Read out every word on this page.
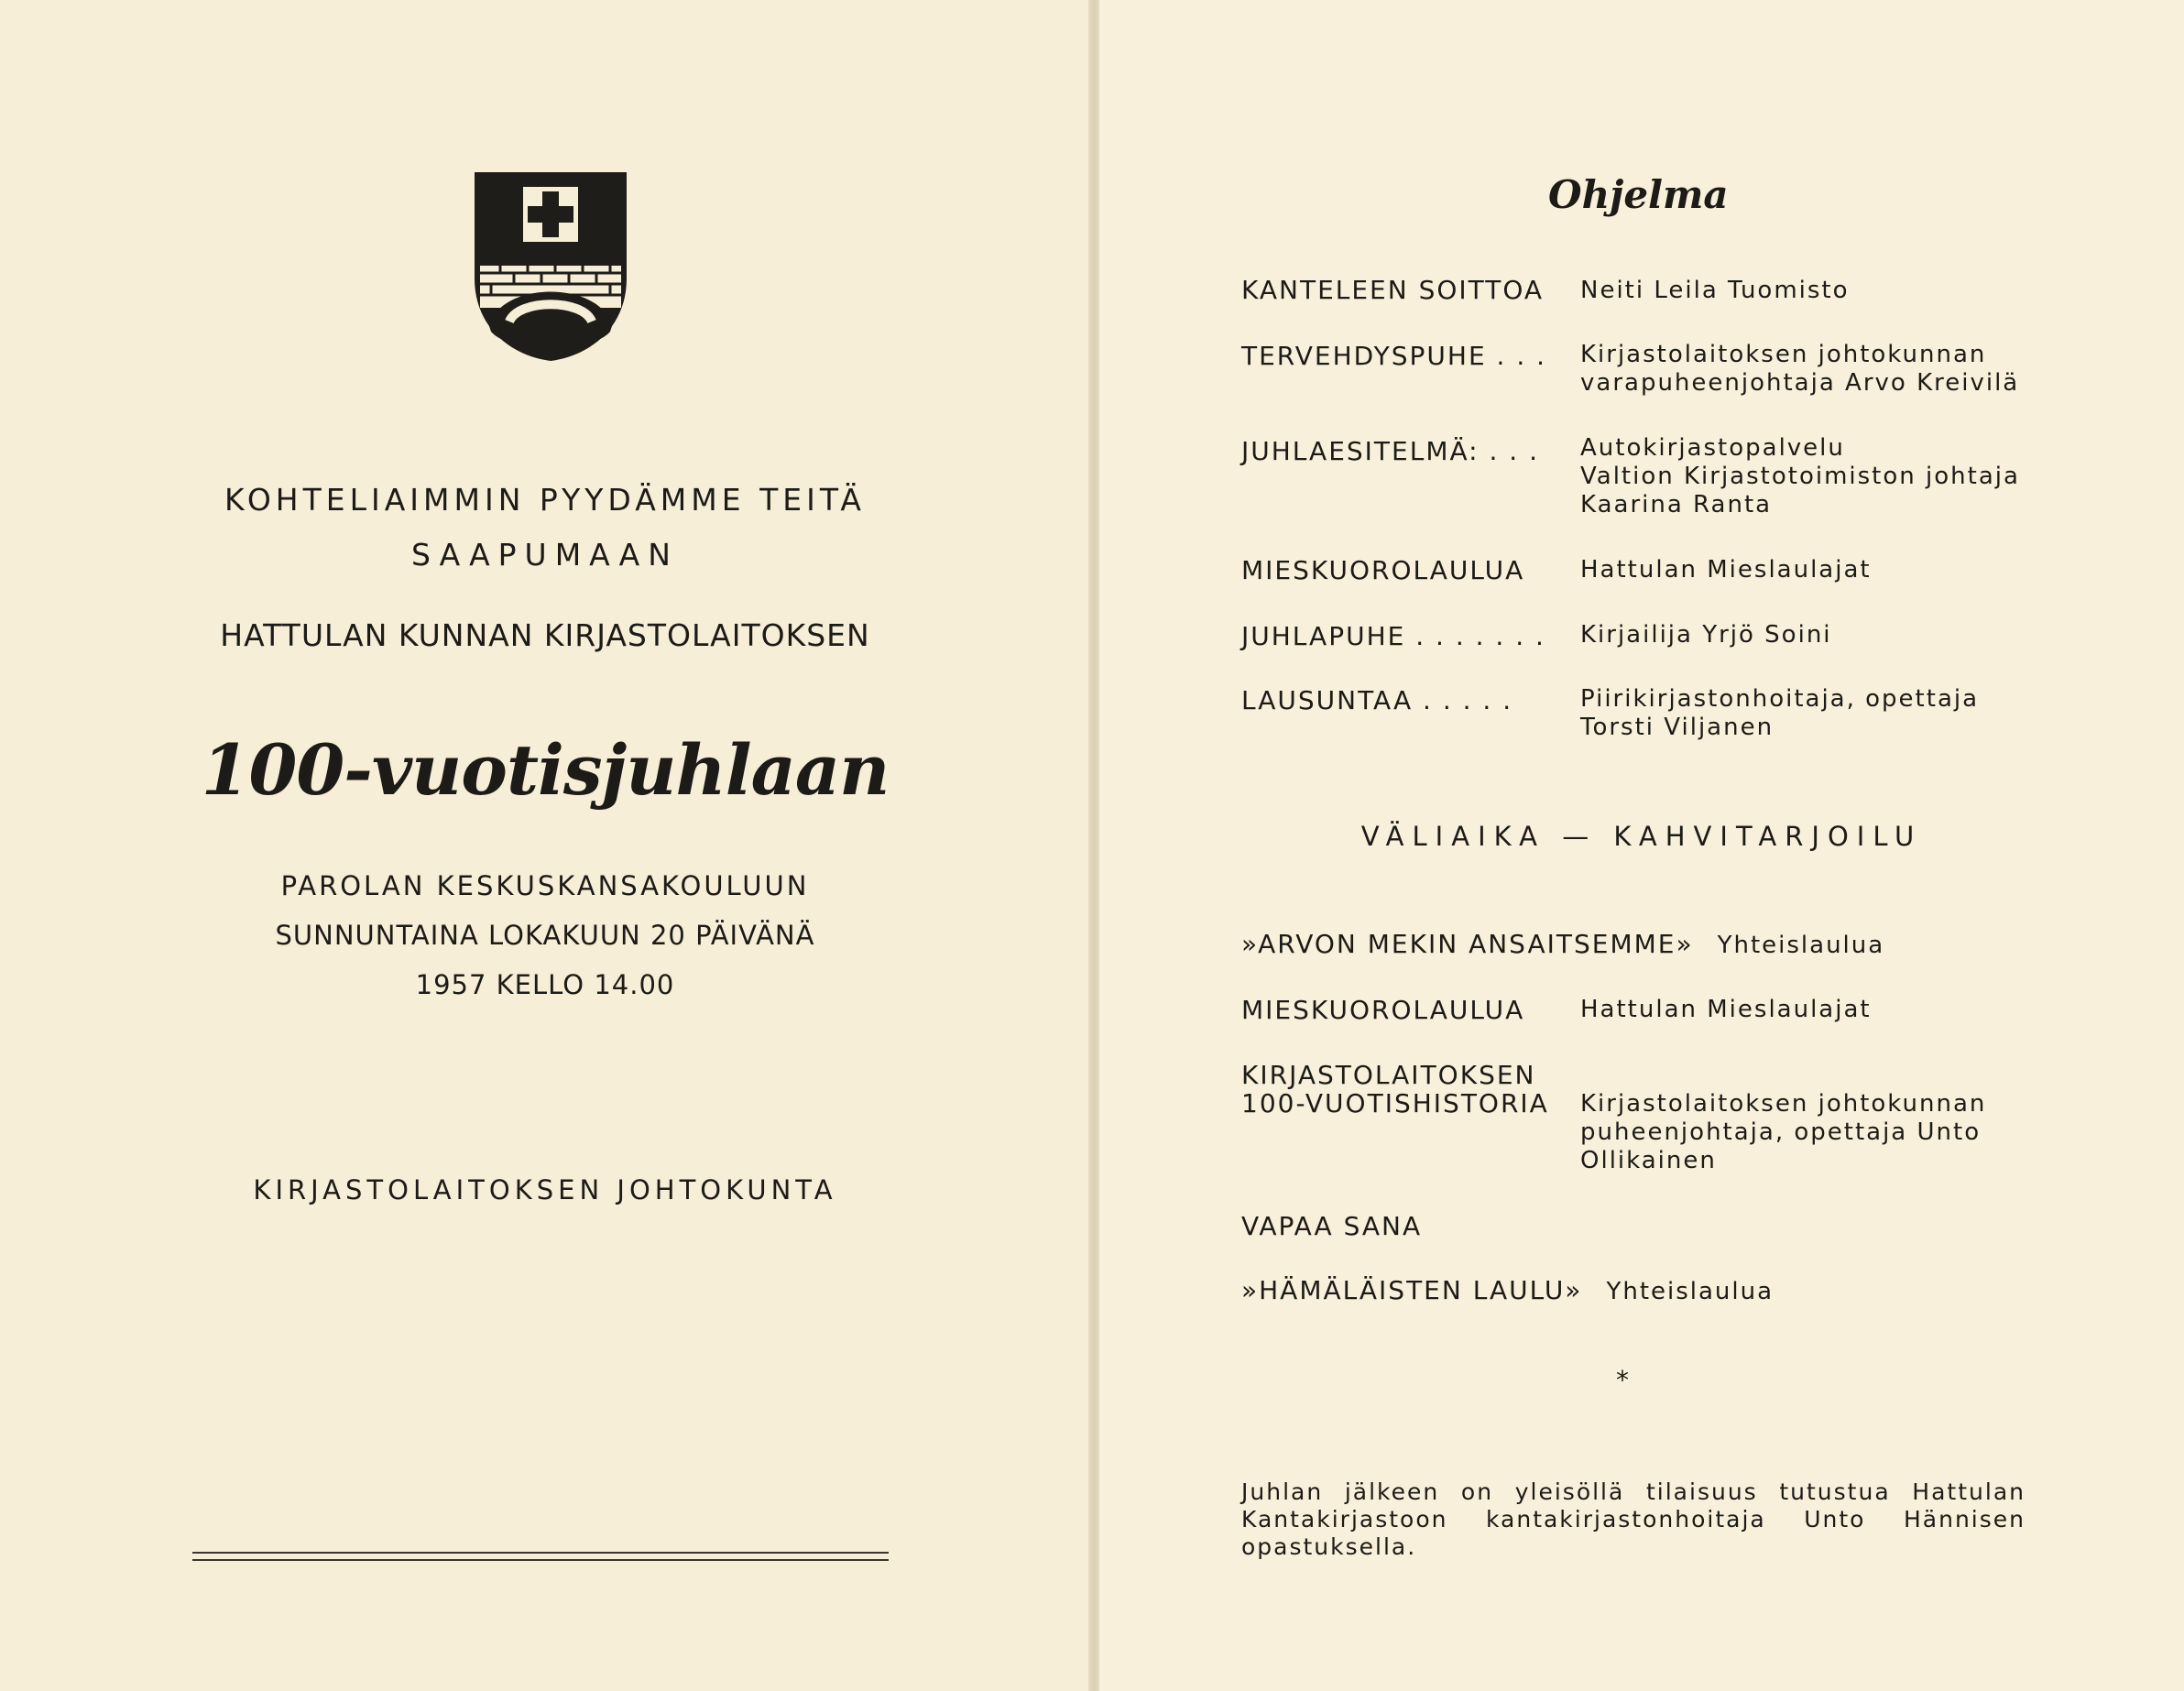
KOHTELIAIMMIN PYYDÄMME TEITÄ
SAAPUMAAN
HATTULAN KUNNAN KIRJASTOLAITOKSEN
100-vuotisjuhlaan
PAROLAN KESKUSKANSAKOULUUN
SUNNUNTAINA LOKAKUUN 20 PÄIVÄNÄ
1957 KELLO 14.00
KIRJASTOLAITOKSEN JOHTOKUNTA
Ohjelma
KANTELEEN SOITTOA Neiti Leila Tuomisto
TERVEHDYSPUHE . . . Kirjastolaitoksen johtokunnan
varapuheenjohtaja Arvo Kreivilä
JUHLAESITELMÄ: . . . Autokirjastopalvelu
Valtion Kirjastotoimiston johtaja
Kaarina Ranta
MIESKUOROLAULUA Hattulan Mieslaulajat
JUHLAPUHE . . . . . . . Kirjailija Yrjö Soini
LAUSUNTAA . . . . .	Piirikirjastonhoitaja, opettaja
Torsti Viljanen
VÄLIAIKA — KAHVITARJOILU
»ARVON MEKIN ANSAITSEMME» Yhteislaulua
MIESKUOROLAULUA Hattulan Mieslaulajat
KIRJASTOLAITOKSEN
100-VUOTISHISTORIA Kirjastolaitoksen johtokunnan
puheenjohtaja, opettaja Unto
Ollikainen
VAPAA SANA
»HÄMÄLÄISTEN LAULU» Yhteislaulua
*
Juhlan jälkeen on yleisöllä tilaisuus tutustua Hattulan Kantakirjastoon kantakirjastonhoitaja Unto Hännisen opastuksella.
